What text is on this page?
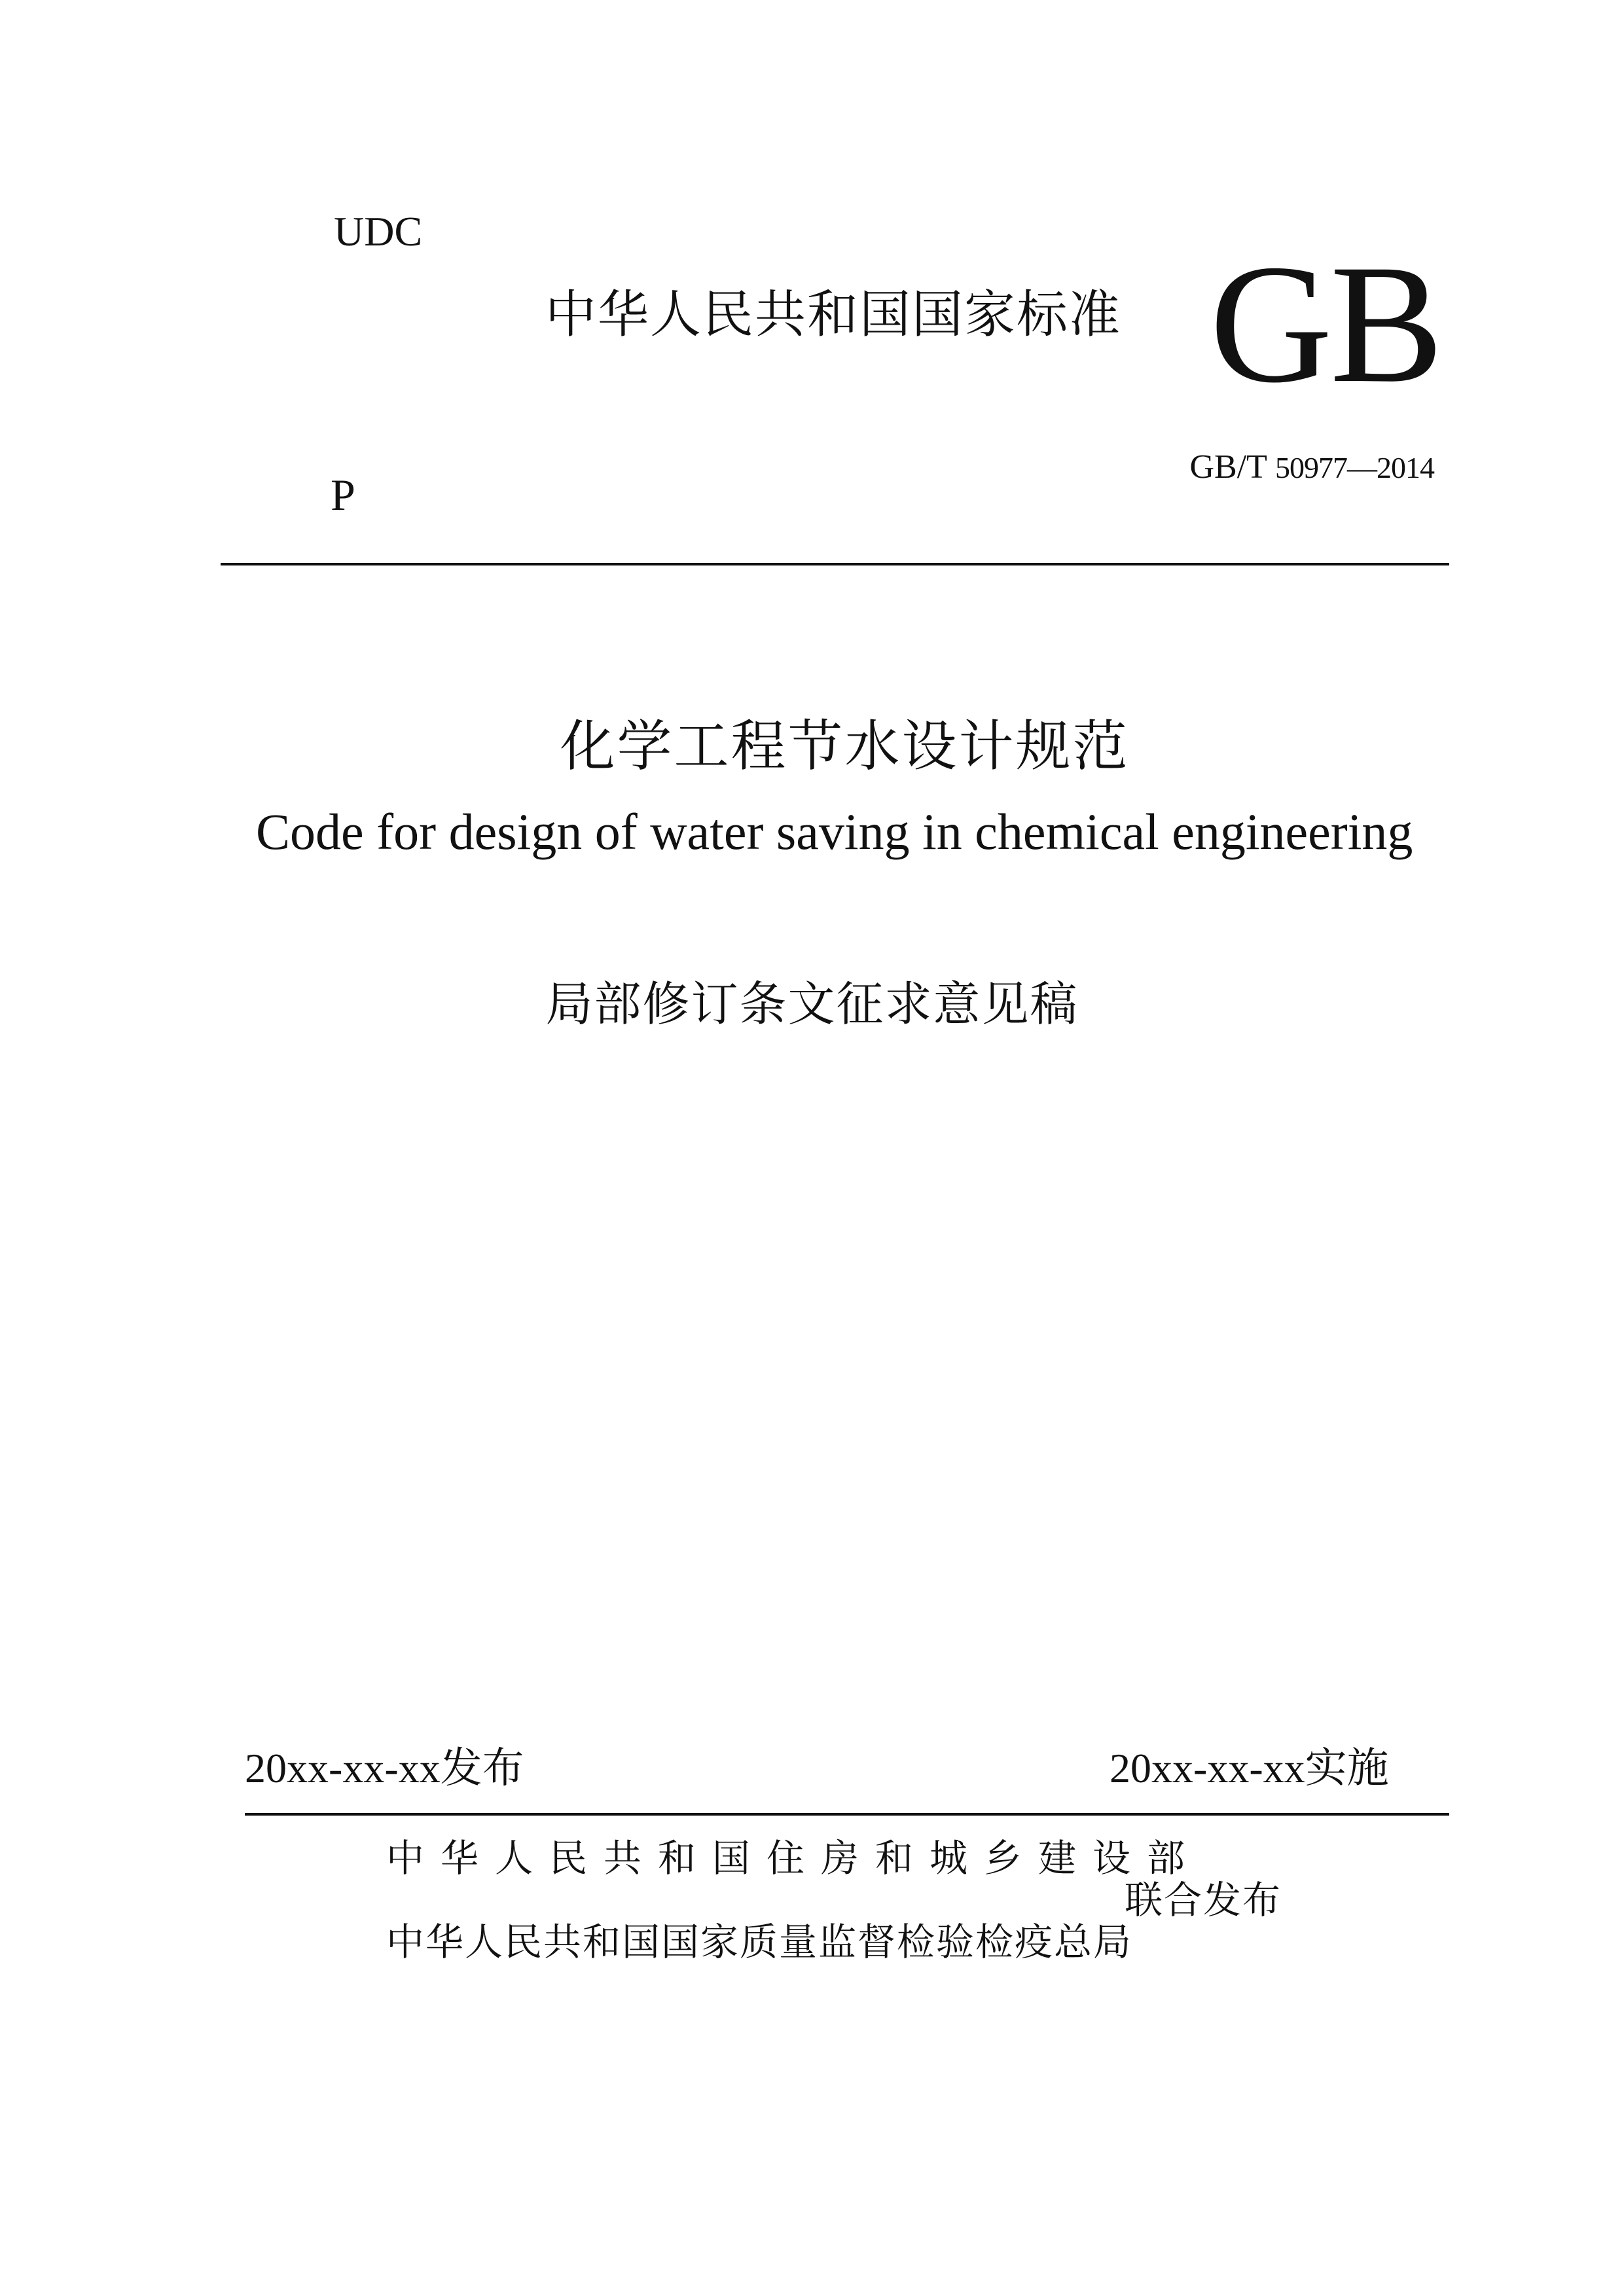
UDC
中华人民共和国国家标准 GB
P
GB/T 50977—2014
化学工程节水设计规范
Code for design of water saving in chemical engineering
局部修订条文征求意见稿
20xx-xx-xx发布	20xx-xx-xx实施
中华人民共和国住房和城乡建设部
中华人民共和国国家质量监督检验检疫总局
联合发布
